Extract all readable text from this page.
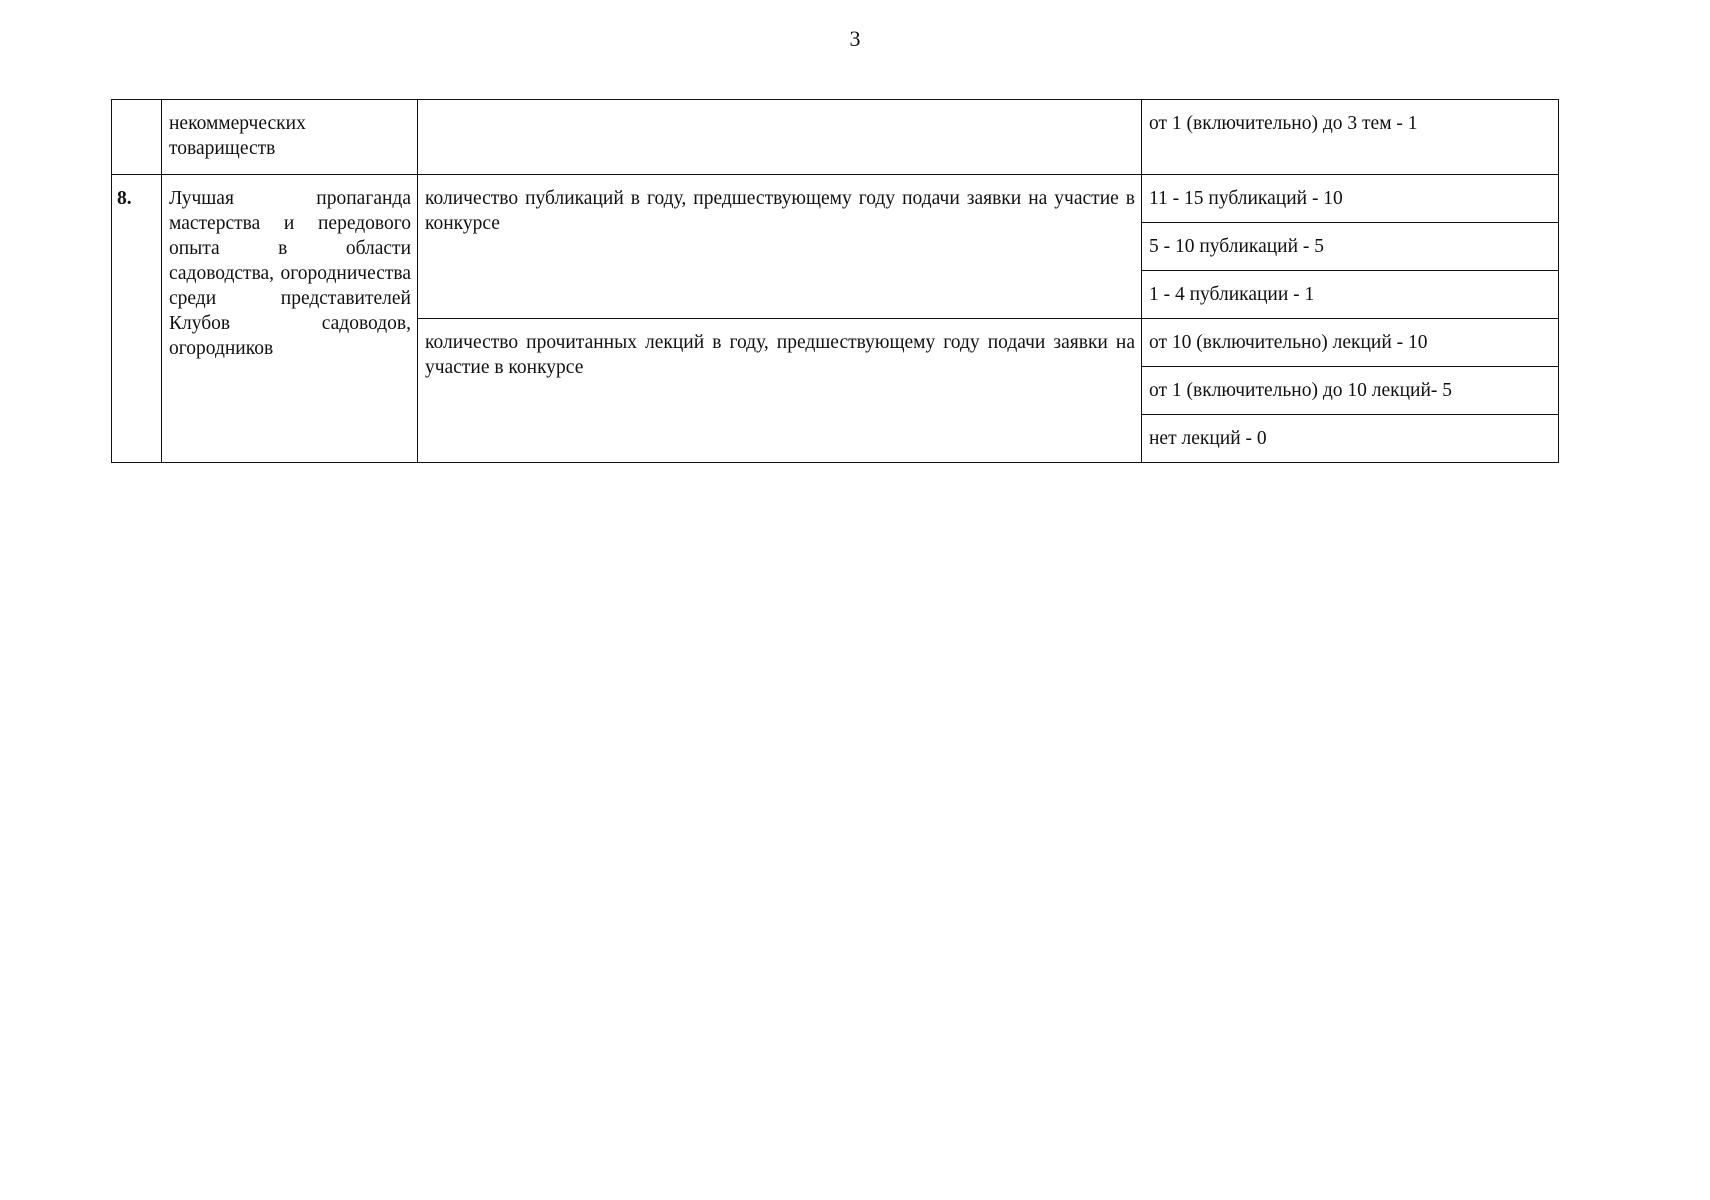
3
	некоммерческих товариществ		от 1 (включительно) до 3 тем - 1
8.	Лучшая пропаганда мастерства и передового опыта в области садоводства, огородничества среди представителей Клубов садоводов, огородников	количество публикаций в году, предшествующему году подачи заявки на участие в конкурсе	11 - 15 публикаций - 10
			5 - 10 публикаций - 5
			1 - 4 публикации - 1
		количество прочитанных лекций в году, предшествующему году подачи заявки на участие в конкурсе	от 10 (включительно) лекций - 10
			от 1 (включительно) до 10 лекций- 5
			нет лекций - 0
